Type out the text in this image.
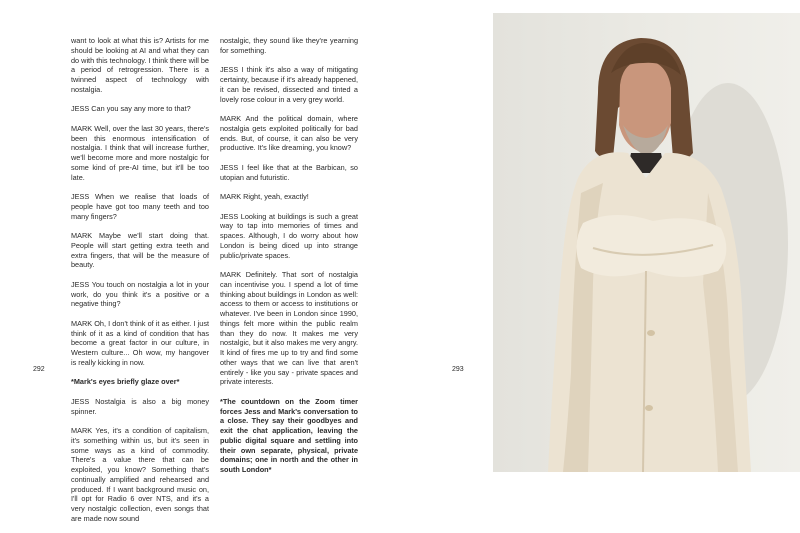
want to look at what this is? Artists for me should be looking at AI and what they can do with this technology. I think there will be a period of retrogression. There is a twinned aspect of technology with nostalgia.

JESS Can you say any more to that?

MARK Well, over the last 30 years, there's been this enormous intensification of nostalgia. I think that will increase further, we'll become more and more nostalgic for some kind of pre-AI time, but it'll be too late.

JESS When we realise that loads of people have got too many teeth and too many fingers?

MARK Maybe we'll start doing that. People will start getting extra teeth and extra fingers, that will be the measure of beauty.

JESS You touch on nostalgia a lot in your work, do you think it's a positive or a negative thing?

MARK Oh, I don't think of it as either. I just think of it as a kind of condition that has become a great factor in our culture, in Western culture... Oh wow, my hangover is really kicking in now.

*Mark's eyes briefly glaze over*

JESS Nostalgia is also a big money spinner.

MARK Yes, it's a condition of capitalism, it's something within us, but it's seen in some ways as a kind of commodity. There's a value there that can be exploited, you know? Something that's continually amplified and rehearsed and produced. If I want background music on, I'll opt for Radio 6 over NTS, and it's a very nostalgic collection, even songs that are made now sound

292

nostalgic, they sound like they're yearning for something.

JESS I think it's also a way of mitigating certainty, because if it's already happened, it can be revised, dissected and tinted a lovely rose colour in a very grey world.

MARK And the political domain, where nostalgia gets exploited politically for bad ends. But, of course, it can also be very productive. It's like dreaming, you know?

JESS I feel like that at the Barbican, so utopian and futuristic.

MARK Right, yeah, exactly!

JESS Looking at buildings is such a great way to tap into memories of times and spaces. Although, I do worry about how London is being diced up into strange public/private spaces.

MARK Definitely. That sort of nostalgia can incentivise you. I spend a lot of time thinking about buildings in London as well: access to them or access to institutions or whatever. I've been in London since 1990, things felt more within the public realm than they do now. It makes me very nostalgic, but it also makes me very angry. It kind of fires me up to try and find some other ways that we can live that aren't entirely - like you say - private spaces and private interests.

*The countdown on the Zoom timer forces Jess and Mark's conversation to a close. They say their goodbyes and exit the chat application, leaving the public digital square and settling into their own separate, physical, private domains; one in north and the other in south London*

293
